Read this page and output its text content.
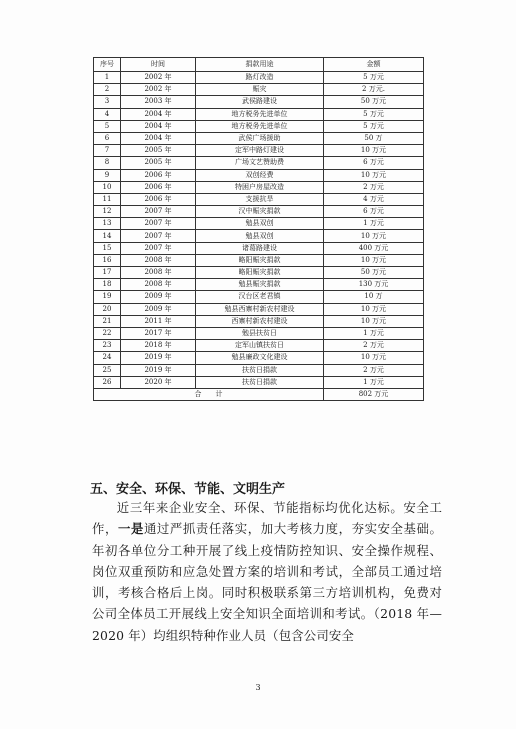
序号	时间	捐款用途	金额
1	2002 年	路灯改造	5 万元
2	2002 年	赈灾	2 万元.
3	2003 年	武侯路建设	50 万元
4	2004 年	地方税务先进单位	5 万元
5	2004 年	地方税务先进单位	5 万元
6	2004 年	武侯广场援助	50 万
7	2005 年	定军中路灯建设	10 万元
8	2005 年	广场文艺赞助费	6 万元
9	2006 年	双创经费	10 万元
10	2006 年	特困户房屋改造	2 万元
11	2006 年	支援抗旱	4 万元
12	2007 年	汉中赈灾捐款	6 万元
13	2007 年	勉县双创	1 万元
14	2007 年	勉县双创	10 万元
15	2007 年	诸葛路建设	400 万元
16	2008 年	略阳赈灾捐款	10 万元
17	2008 年	略阳赈灾捐款	50 万元
18	2008 年	勉县赈灾捐款	130 万元
19	2009 年	汉台区老君镇	10 万
20	2009 年	勉县西寨村新农村建设	10 万元
21	2011 年	西寨村新农村建设	10 万元
22	2017 年	勉县扶贫日	1 万元
23	2018 年	定军山镇扶贫日	2 万元
24	2019 年	勉县廉政文化建设	10 万元
25	2019 年	扶贫日捐款	2 万元
26	2020 年	扶贫日捐款	1 万元
合计			802 万元
五、安全、环保、节能、文明生产

近三年来企业安全、环保、节能指标均优化达标。安全工作，一是通过严抓责任落实，加大考核力度，夯实安全基础。年初各单位分工种开展了线上疫情防控知识、安全操作规程、岗位双重预防和应急处置方案的培训和考试，全部员工通过培训，考核合格后上岗。同时积极联系第三方培训机构，免费对公司全体员工开展线上安全知识全面培训和考试。（2018 年—2020 年）均组织特种作业人员（包含公司安全

3
